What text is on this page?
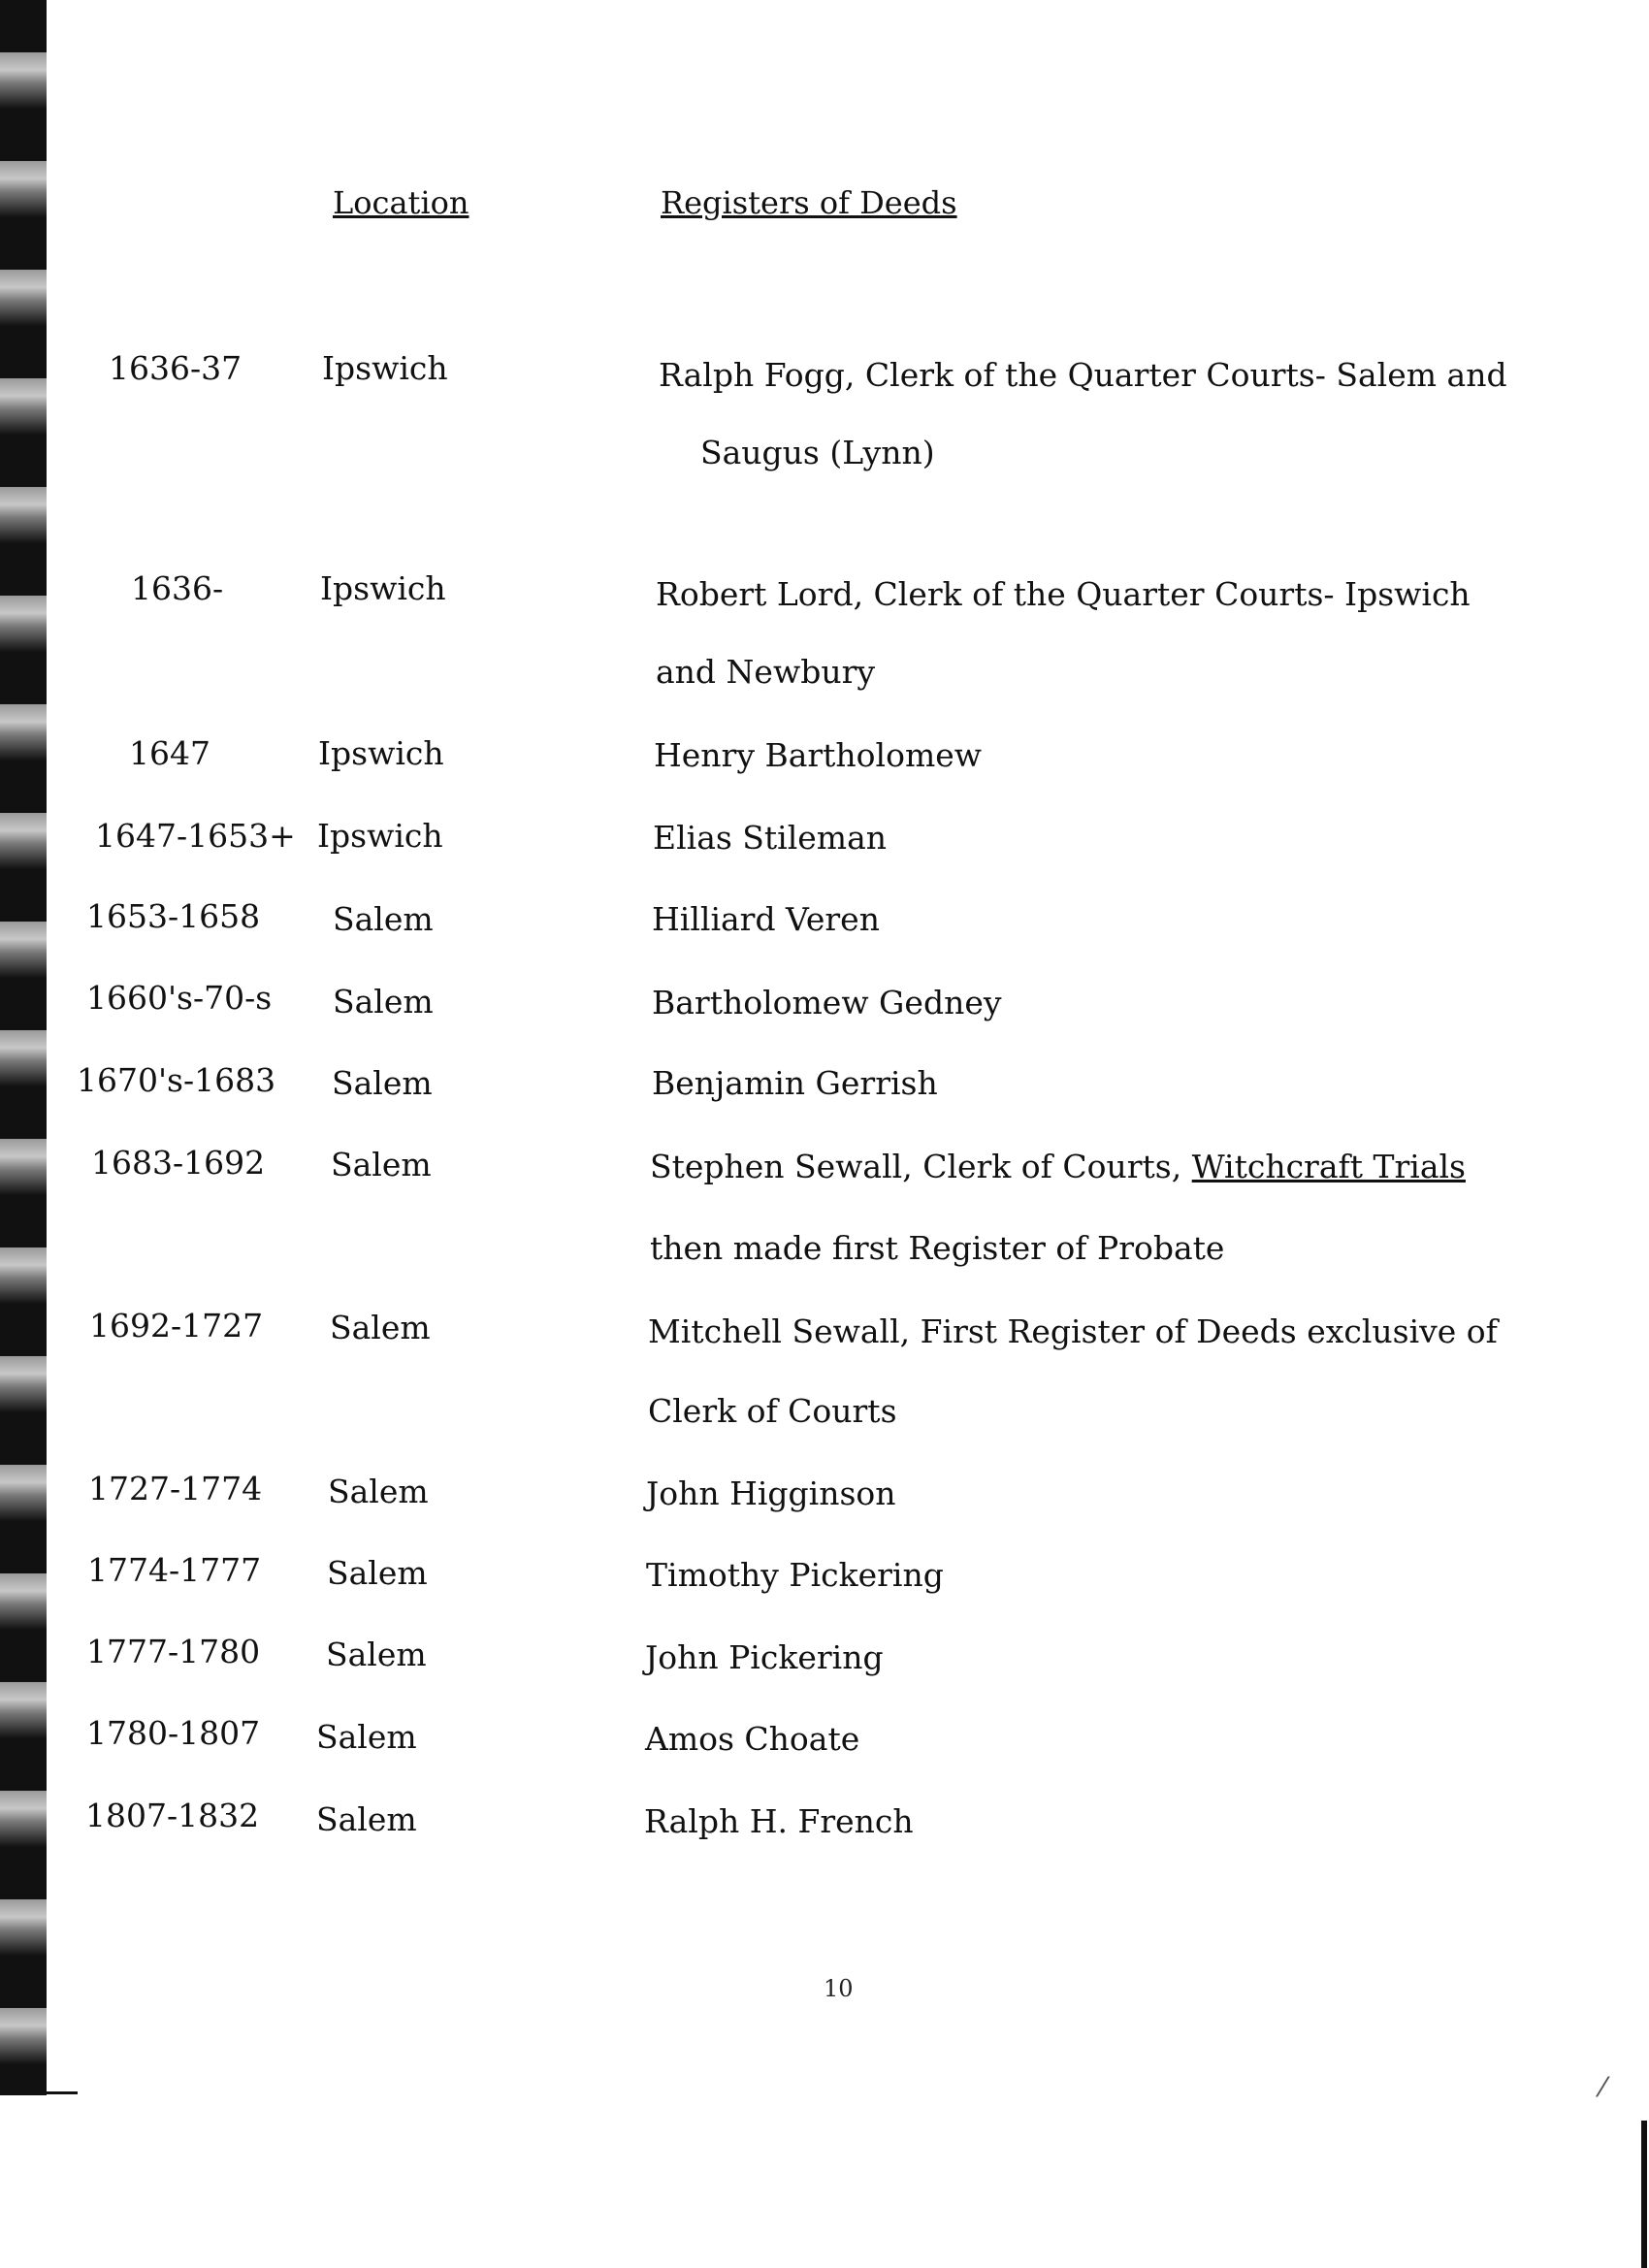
⁄
Location	Registers of Deeds
1636-37	Ipswich	Ralph Fogg, Clerk of the Quarter Courts- Salem and
Saugus (Lynn)
1636-	Ipswich	Robert Lord, Clerk of the Quarter Courts- Ipswich
and Newbury
1647	Ipswich	Henry Bartholomew
1647-1653+ Ipswich	Elias Stileman
1653-1658 Salem	Hilliard Veren
1660's-70-s Salem	Bartholomew Gedney
1670's-1683 Salem	Benjamin Gerrish
1683-1692 Salem	Stephen Sewall, Clerk of Courts, Witchcraft Trials
then made first Register of Probate
1692-1727 Salem	Mitchell Sewall, First Register of Deeds exclusive of
Clerk of Courts
1727-1774 Salem	John Higginson
1774-1777 Salem	Timothy Pickering
1777-1780 Salem	John Pickering
1780-1807 Salem	Amos Choate
1807-1832 Salem	Ralph H. French
10
